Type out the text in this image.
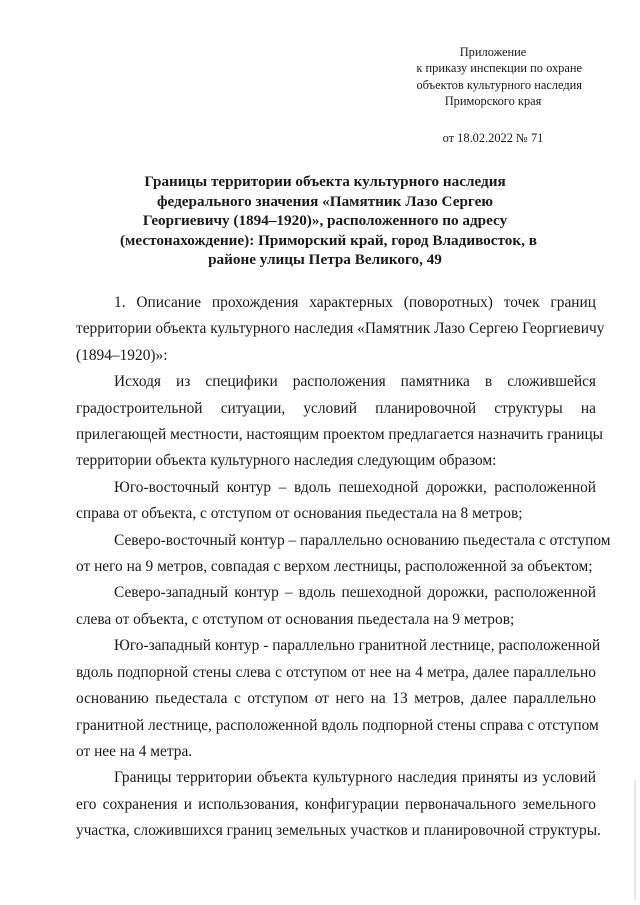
Приложение
к приказу инспекции по охране
объектов культурного наследия
Приморского края
от 18.02.2022 № 71
Границы территории объекта культурного наследия
федерального значения «Памятник Лазо Сергею
Георгиевичу (1894–1920)», расположенного по адресу
(местонахождение): Приморский край, город Владивосток, в
районе улицы Петра Великого, 49

1. Описание прохождения характерных (поворотных) точек границ
территории объекта культурного наследия «Памятник Лазо Сергею Георгиевичу
(1894–1920)»:

Исходя из специфики расположения памятника в сложившейся
градостроительной ситуации, условий планировочной структуры на
прилегающей местности, настоящим проектом предлагается назначить границы
территории объекта культурного наследия следующим образом:

Юго-восточный контур – вдоль пешеходной дорожки, расположенной
справа от объекта, с отступом от основания пьедестала на 8 метров;

Северо-восточный контур – параллельно основанию пьедестала с отступом
от него на 9 метров, совпадая с верхом лестницы, расположенной за объектом;

Северо-западный контур – вдоль пешеходной дорожки, расположенной
слева от объекта, с отступом от основания пьедестала на 9 метров;

Юго-западный контур - параллельно гранитной лестнице, расположенной
вдоль подпорной стены слева с отступом от нее на 4 метра, далее параллельно
основанию пьедестала с отступом от него на 13 метров, далее параллельно
гранитной лестнице, расположенной вдоль подпорной стены справа с отступом
от нее на 4 метра.

Границы территории объекта культурного наследия приняты из условий
его сохранения и использования, конфигурации первоначального земельного
участка, сложившихся границ земельных участков и планировочной структуры.
